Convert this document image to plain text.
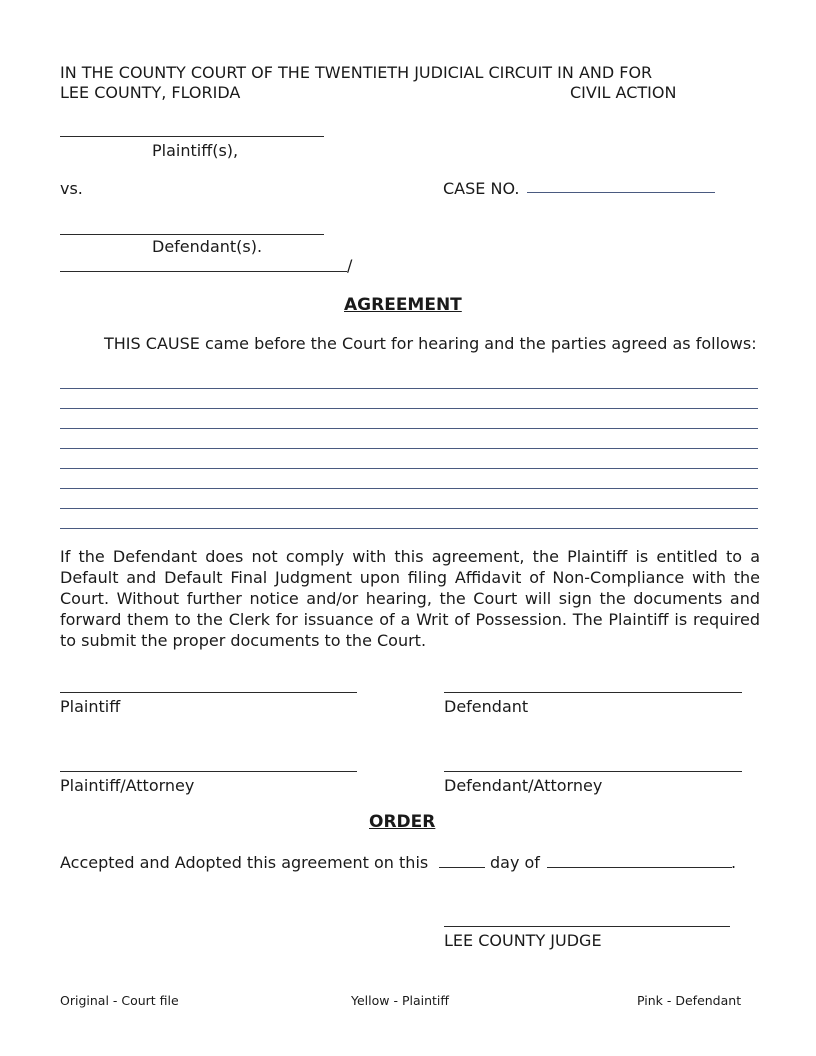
IN THE COUNTY COURT OF THE TWENTIETH JUDICIAL CIRCUIT IN AND FOR
LEE COUNTY, FLORIDA	CIVIL ACTION
Plaintiff(s),
vs.	CASE NO.
Defendant(s).
/
AGREEMENT
THIS CAUSE came before the Court for hearing and the parties agreed as follows:
If the Defendant does not comply with this agreement, the Plaintiff is entitled to a Default and Default Final Judgment upon filing Affidavit of Non-Compliance with the Court. Without further notice and/or hearing, the Court will sign the documents and forward them to the Clerk for issuance of a Writ of Possession. The Plaintiff is required to submit the proper documents to the Court.
Plaintiff	Defendant
Plaintiff/Attorney	Defendant/Attorney
ORDER
Accepted and Adopted this agreement on this	day of	.
LEE COUNTY JUDGE
Original - Court file	Yellow - Plaintiff	Pink - Defendant
